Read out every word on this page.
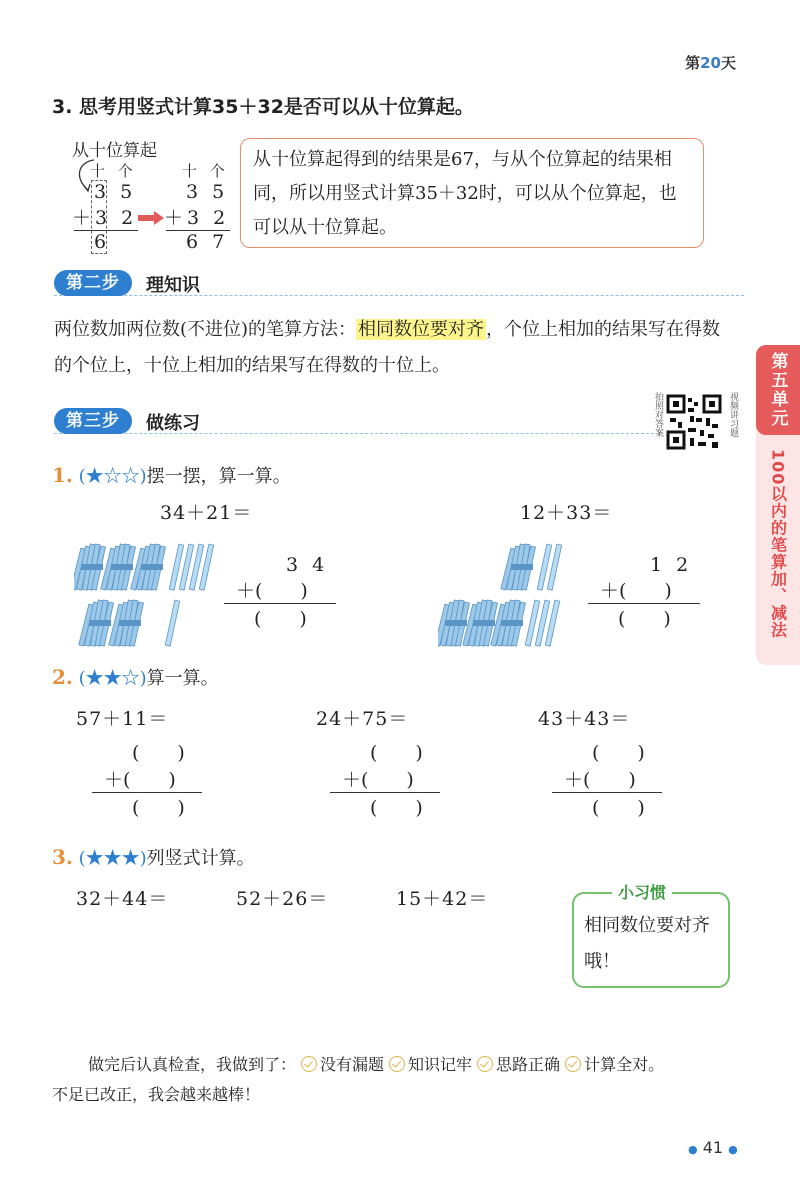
第20天
3. 思考用竖式计算35＋32是否可以从十位算起。
从十位算起
十 个
3 5
＋3 2
6
十 个
3 5
＋3 2
6 7
从十位算起得到的结果是67，与从个位算起的结果相同，所以用竖式计算35＋32时，可以从个位算起，也可以从十位算起。
第二步	理知识
两位数加两位数(不进位)的笔算方法： 相同数位要对齐 ，个位上相加的结果写在得数的个位上，十位上相加的结果写在得数的十位上。
第三步	做练习	拍照对答案	视频讲习题	第五单元
100以内的笔算加、减法
1. (★☆☆)摆一摆，算一算。
34＋21＝	12＋33＝
3 4
＋(　　)
(　　)
1 2
＋(　　)
(　　)
2. (★★☆)算一算。
57＋11＝	24＋75＝	43＋43＝
(　　)
＋(　　)
(　　)
(　　)
＋(　　)
(　　)
(　　)
＋(　　)
(　　)
3. (★★★)列竖式计算。
32＋44＝	52＋26＝	15＋42＝
相同数位要对齐哦！
小习惯
做完后认真检查，我做到了： 没有漏题 知识记牢 思路正确 计算全对。
不足已改正，我会越来越棒！
● 41 ●
